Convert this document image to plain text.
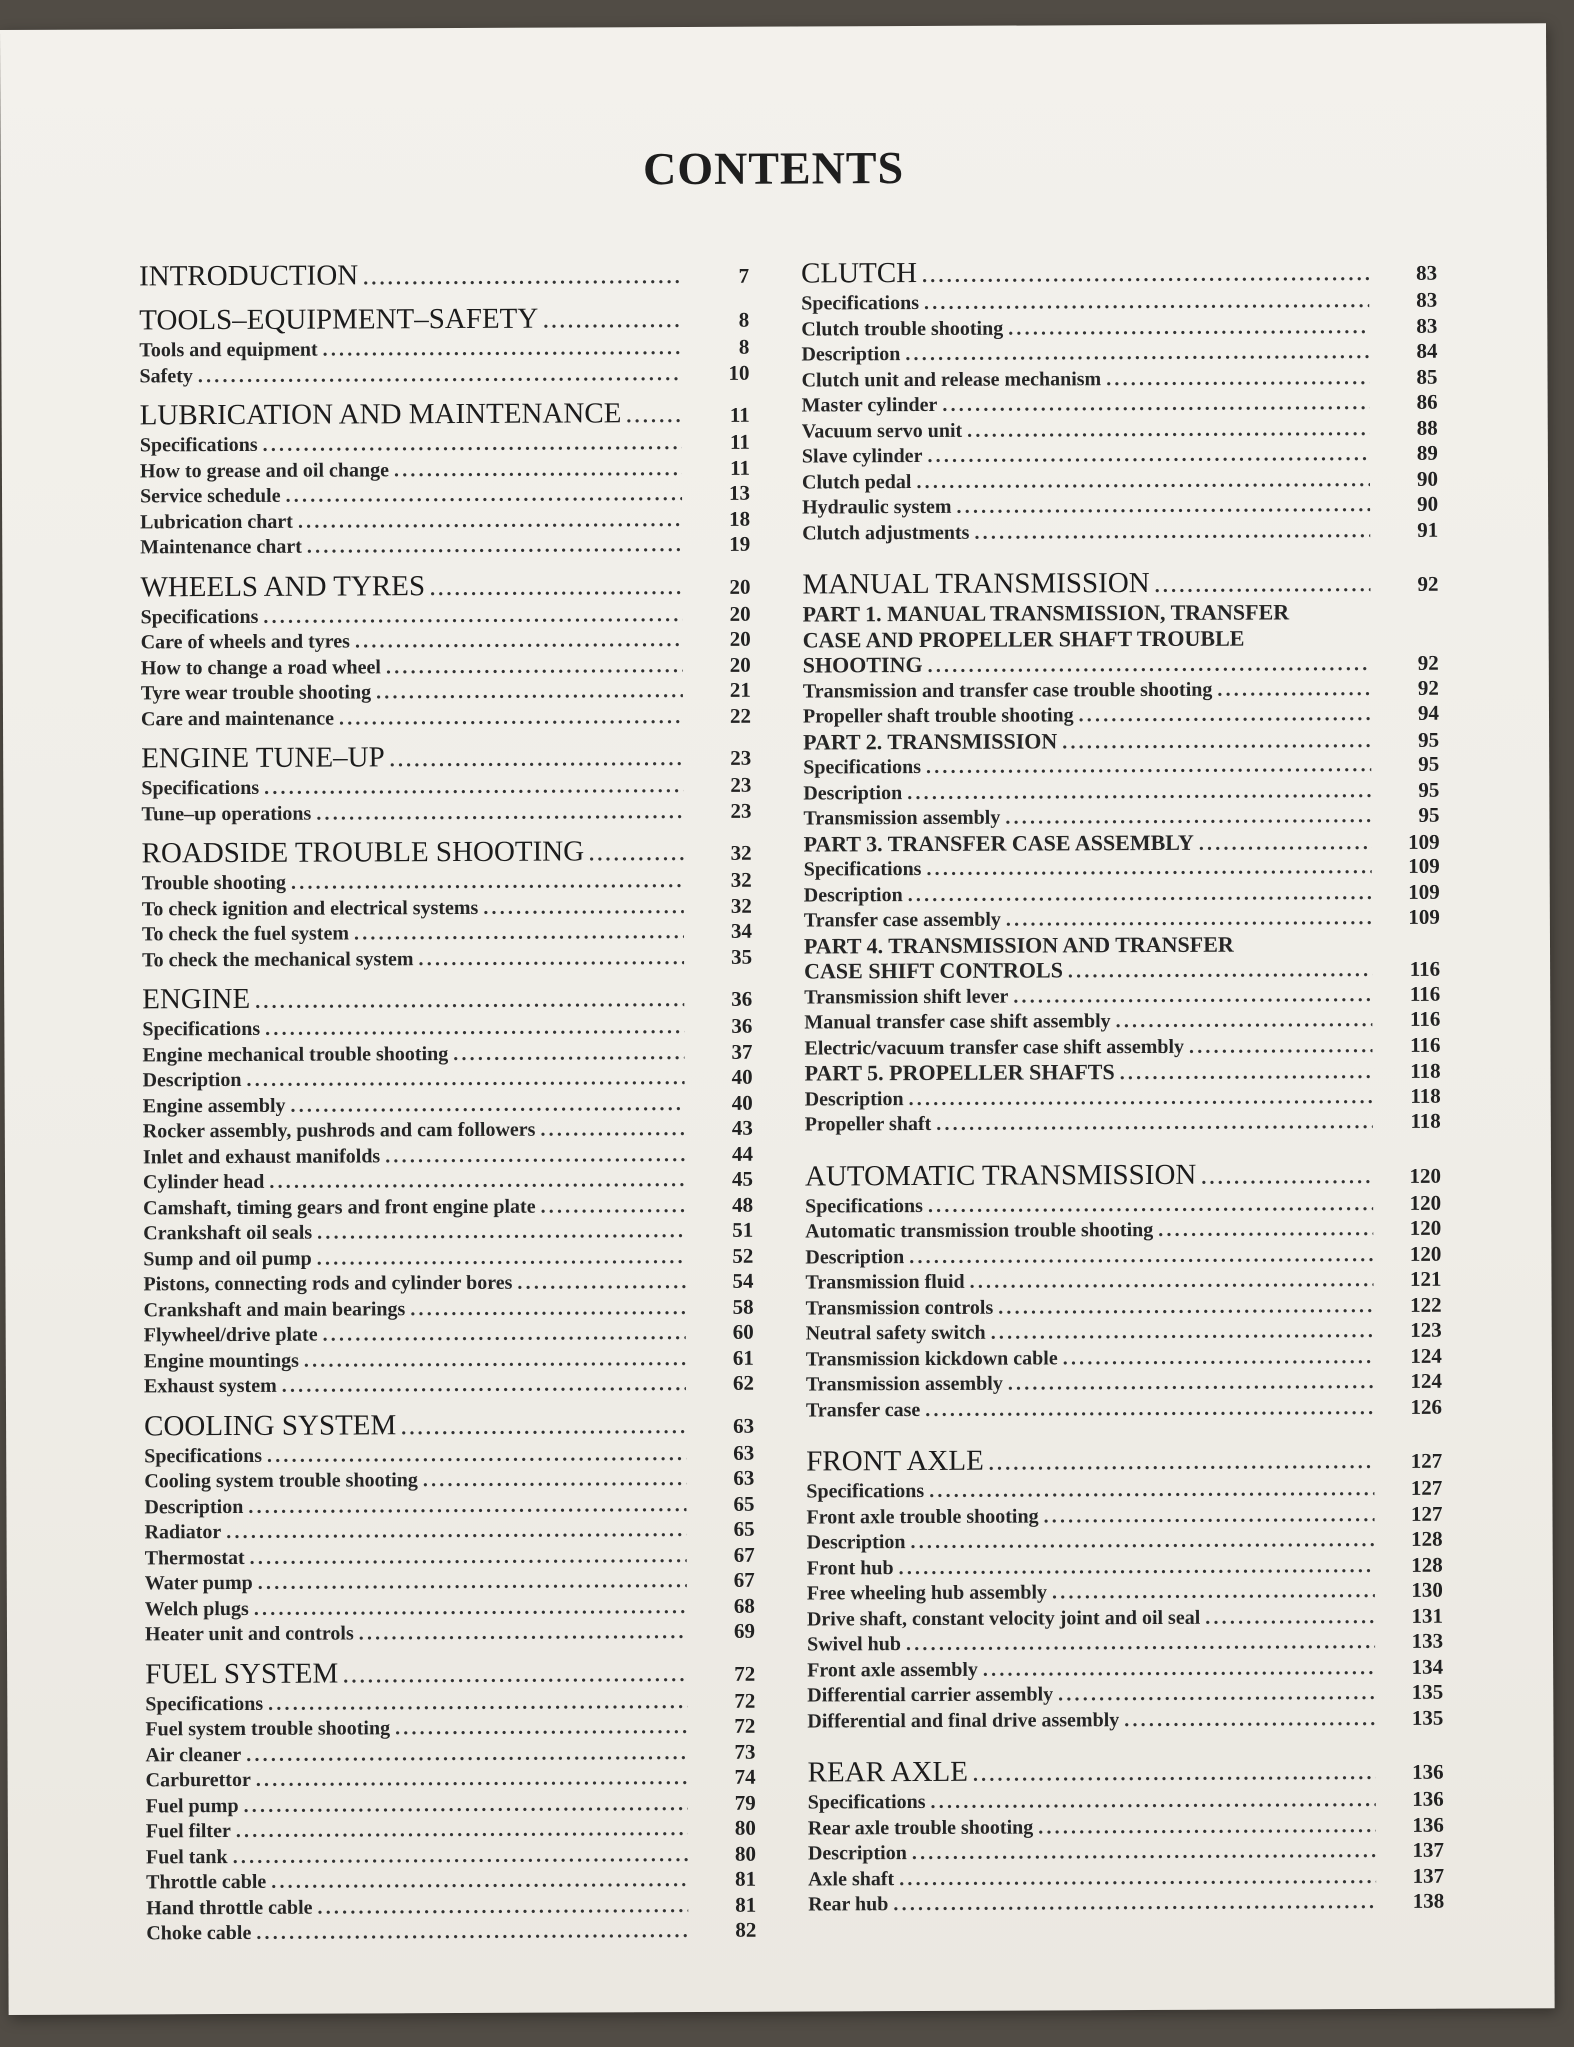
CONTENTS
INTRODUCTION .....	7
TOOLS–EQUIPMENT–SAFETY .....	8
Tools and equipment .....	8
Safety .....	10
LUBRICATION AND MAINTENANCE .....	11
Specifications .....	11
How to grease and oil change .....	11
Service schedule .....	13
Lubrication chart .....	18
Maintenance chart .....	19
WHEELS AND TYRES .....	20
Specifications .....	20
Care of wheels and tyres .....	20
How to change a road wheel .....	20
Tyre wear trouble shooting .....	21
Care and maintenance .....	22
ENGINE TUNE–UP .....	23
Specifications .....	23
Tune–up operations .....	23
ROADSIDE TROUBLE SHOOTING .....	32
Trouble shooting .....	32
To check ignition and electrical systems .....	32
To check the fuel system .....	34
To check the mechanical system .....	35
ENGINE .....	36
Specifications .....	36
Engine mechanical trouble shooting .....	37
Description .....	40
Engine assembly .....	40
Rocker assembly, pushrods and cam followers .....	43
Inlet and exhaust manifolds .....	44
Cylinder head .....	45
Camshaft, timing gears and front engine plate .....	48
Crankshaft oil seals .....	51
Sump and oil pump .....	52
Pistons, connecting rods and cylinder bores .....	54
Crankshaft and main bearings .....	58
Flywheel/drive plate .....	60
Engine mountings .....	61
Exhaust system .....	62
COOLING SYSTEM .....	63
Specifications .....	63
Cooling system trouble shooting .....	63
Description .....	65
Radiator .....	65
Thermostat .....	67
Water pump .....	67
Welch plugs .....	68
Heater unit and controls .....	69
FUEL SYSTEM .....	72
Specifications .....	72
Fuel system trouble shooting .....	72
Air cleaner .....	73
Carburettor .....	74
Fuel pump .....	79
Fuel filter .....	80
Fuel tank .....	80
Throttle cable .....	81
Hand throttle cable .....	81
Choke cable .....	82
CLUTCH .....	83
Specifications .....	83
Clutch trouble shooting .....	83
Description .....	84
Clutch unit and release mechanism .....	85
Master cylinder .....	86
Vacuum servo unit .....	88
Slave cylinder .....	89
Clutch pedal .....	90
Hydraulic system .....	90
Clutch adjustments .....	91
MANUAL TRANSMISSION .....	92
PART 1. MANUAL TRANSMISSION, TRANSFER
CASE AND PROPELLER SHAFT TROUBLE
SHOOTING .....	92
Transmission and transfer case trouble shooting .....	92
Propeller shaft trouble shooting .....	94
PART 2. TRANSMISSION .....	95
Specifications .....	95
Description .....	95
Transmission assembly .....	95
PART 3. TRANSFER CASE ASSEMBLY .....	109
Specifications .....	109
Description .....	109
Transfer case assembly .....	109
PART 4. TRANSMISSION AND TRANSFER
CASE SHIFT CONTROLS .....	116
Transmission shift lever .....	116
Manual transfer case shift assembly .....	116
Electric/vacuum transfer case shift assembly .....	116
PART 5. PROPELLER SHAFTS .....	118
Description .....	118
Propeller shaft .....	118
AUTOMATIC TRANSMISSION .....	120
Specifications .....	120
Automatic transmission trouble shooting .....	120
Description .....	120
Transmission fluid .....	121
Transmission controls .....	122
Neutral safety switch .....	123
Transmission kickdown cable .....	124
Transmission assembly .....	124
Transfer case .....	126
FRONT AXLE .....	127
Specifications .....	127
Front axle trouble shooting .....	127
Description .....	128
Front hub .....	128
Free wheeling hub assembly .....	130
Drive shaft, constant velocity joint and oil seal .....	131
Swivel hub .....	133
Front axle assembly .....	134
Differential carrier assembly .....	135
Differential and final drive assembly .....	135
REAR AXLE .....	136
Specifications .....	136
Rear axle trouble shooting .....	136
Description .....	137
Axle shaft .....	137
Rear hub .....	138
